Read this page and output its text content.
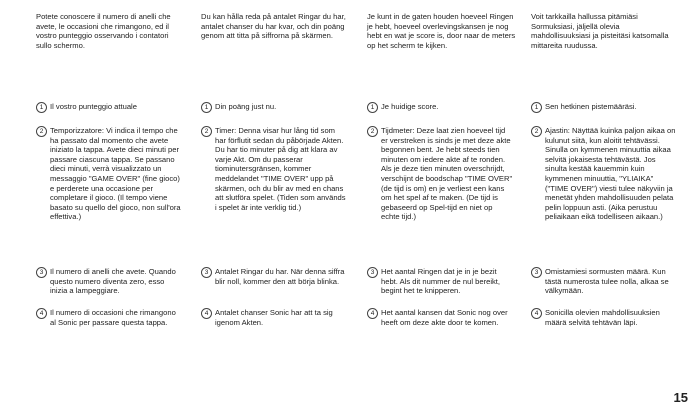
Potete conoscere il numero di anelli che avete, le occasioni che rimangono, ed il vostro punteggio osservando i contatori sullo schermo.
1 Il vostro punteggio attuale
2 Temporizzatore: Vi indica il tempo che ha passato dal momento che avete iniziato la tappa. Avete dieci minuti per passare ciascuna tappa. Se passano dieci minuti, verrà visualizzato un messaggio "GAME OVER" (fine gioco) e perderete una occasione per completare il gioco. (Il tempo viene basato su quello del gioco, non sull'ora effettiva.)
3 Il numero di anelli che avete. Quando questo numero diventa zero, esso inizia a lampeggiare.
4 Il numero di occasioni che rimangono al Sonic per passare questa tappa.
Du kan hålla reda på antalet Ringar du har, antalet chanser du har kvar, och din poäng genom att titta på siffrorna på skärmen.
1 Din poäng just nu.
2 Timer: Denna visar hur lång tid som har förflutit sedan du påbörjade Akten. Du har tio minuter på dig att klara av varje Akt. Om du passerar tiominutersgränsen, kommer meddelandet "TIME OVER" upp på skärmen, och du blir av med en chans att slutföra spelet. (Tiden som används i spelet är inte verklig tid.)
3 Antalet Ringar du har. När denna siffra blir noll, kommer den att börja blinka.
4 Antalet chanser Sonic har att ta sig igenom Akten.
Je kunt in de gaten houden hoeveel Ringen je hebt, hoeveel overlevingskansen je nog hebt en wat je score is, door naar de meters op het scherm te kijken.
1 Je huidige score.
2 Tijdmeter: Deze laat zien hoeveel tijd er verstreken is sinds je met deze akte begonnen bent. Je hebt steeds tien minuten om iedere akte af te ronden. Als je deze tien minuten overschrijdt, verschijnt de boodschap "TIME OVER" (de tijd is om) en je verliest een kans om het spel af te maken. (De tijd is gebaseerd op Spel-tijd en niet op echte tijd.)
3 Het aantal Ringen dat je in je bezit hebt. Als dit nummer de nul bereikt, begint het te knipperen.
4 Het aantal kansen dat Sonic nog over heeft om deze akte door te komen.
Voit tarkkailla hallussa pitämiäsi Sormuksiasi, jäljellä olevia mahdollisuuksiasi ja pisteitäsi katsomalla mittareita ruudussa.
1 Sen hetkinen pistemääräsi.
2 Ajastin: Näyttää kuinka paljon aikaa on kulunut siitä, kun aloitit tehtävässi. Sinulla on kymmenen minuuttia aikaa selvitä jokaisesta tehtävästä. Jos sinulta kestää kauemmin kuin kymmenen minuuttia, "YLIAIKA" ("TIME OVER") viesti tulee näkyviin ja menetät yhden mahdollisuuden pelata pelin loppuun asti. (Aika perustuu peliaikaan eikä todelliseen aikaan.)
3 Omistamiesi sormusten määrä. Kun tästä numerosta tulee nolla, alkaa se välkymään.
4 Sonicilla olevien mahdollisuuksien määrä selvitä tehtävän läpi.
15
